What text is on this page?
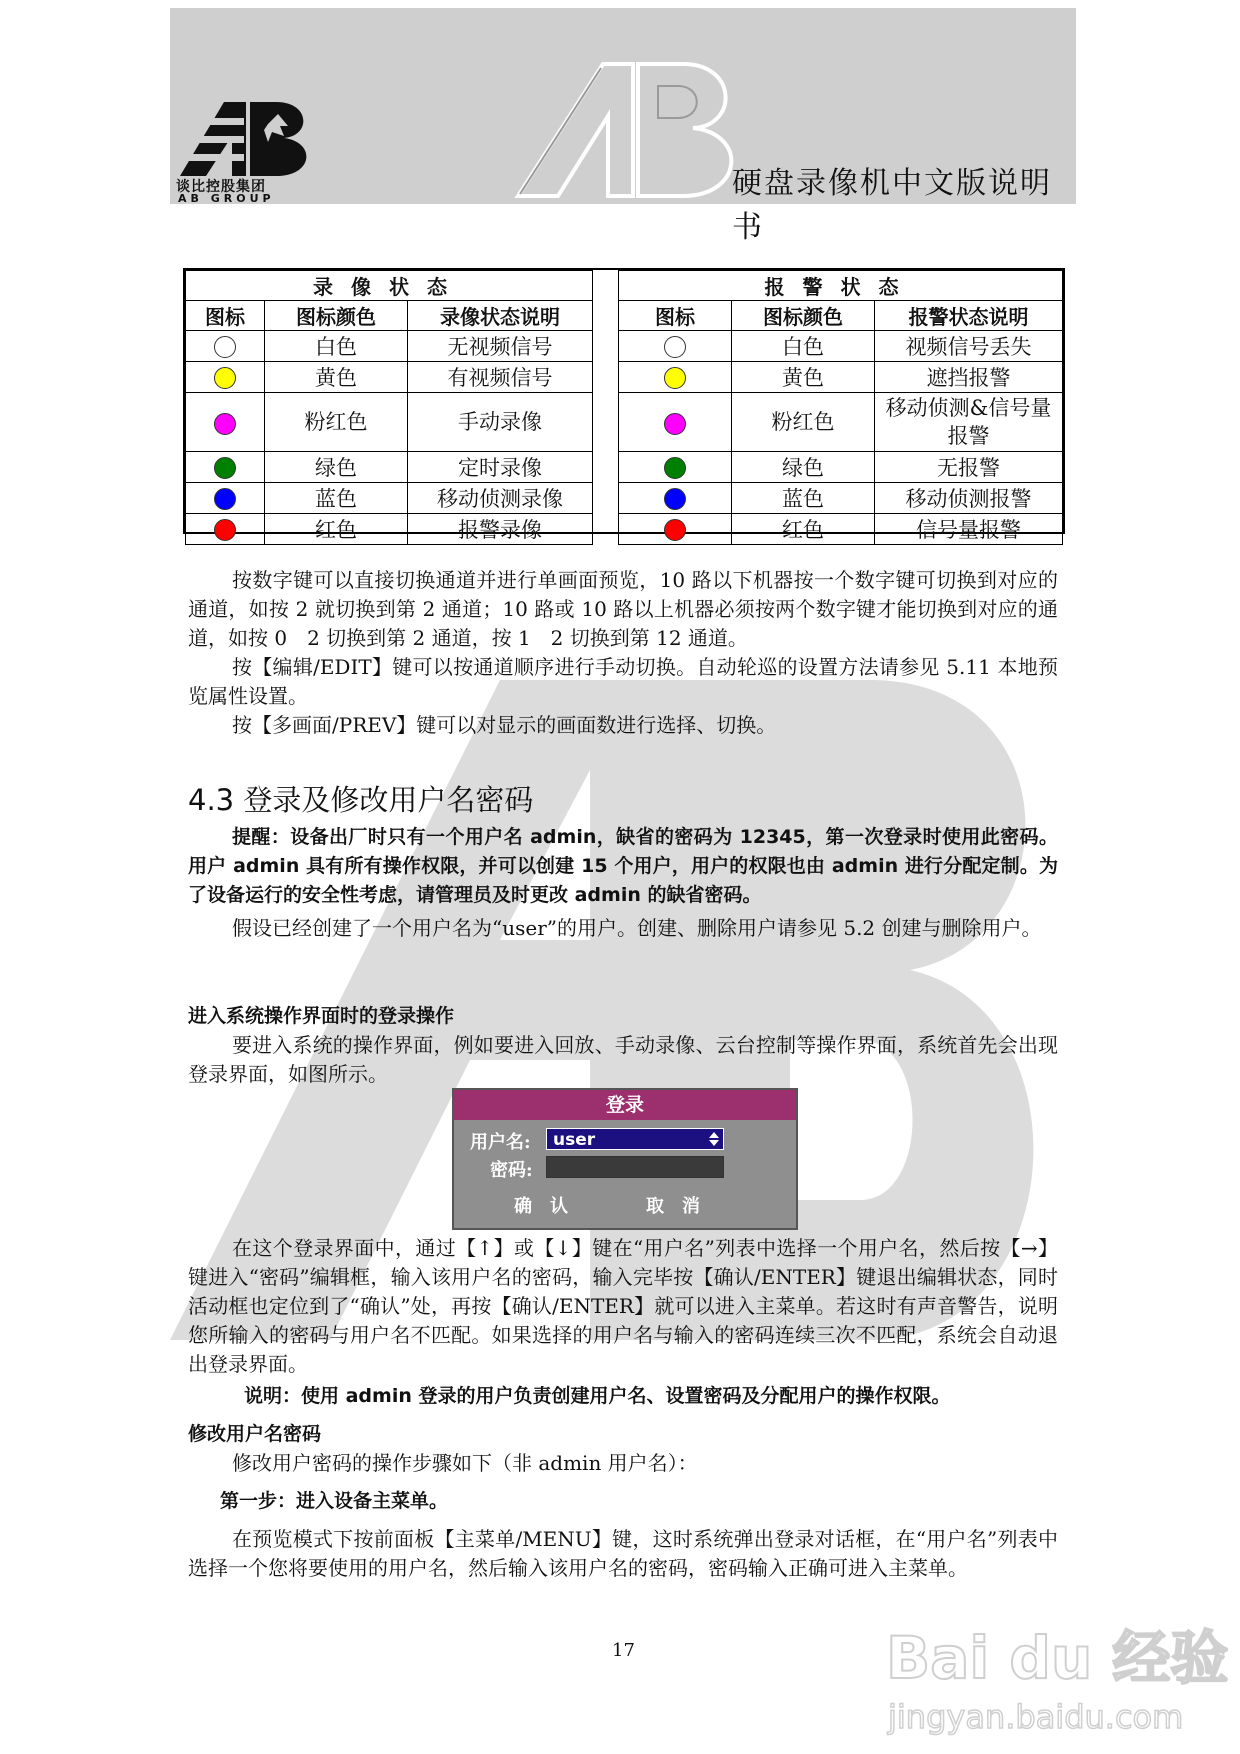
谈比控股集团
AB GROUP	硬盘录像机中文版说明书
录像状态		
图标	图标颜色	录像状态说明
	白色	无视频信号
	黄色	有视频信号
	粉红色	手动录像
	绿色	定时录像
	蓝色	移动侦测录像
	红色	报警录像
报警状态		
图标	图标颜色	报警状态说明
	白色	视频信号丢失
	黄色	遮挡报警
	粉红色	移动侦测&信号量报警
	绿色	无报警
	蓝色	移动侦测报警
	红色	信号量报警
按数字键可以直接切换通道并进行单画面预览，10 路以下机器按一个数字键可切换到对应的通道，如按 2 就切换到第 2 通道；10 路或 10 路以上机器必须按两个数字键才能切换到对应的通道，如按 0　2 切换到第 2 通道，按 1　2 切换到第 12 通道。
按【编辑/EDIT】键可以按通道顺序进行手动切换。自动轮巡的设置方法请参见 5.11 本地预览属性设置。
按【多画面/PREV】键可以对显示的画面数进行选择、切换。
4.3 登录及修改用户名密码
提醒：设备出厂时只有一个用户名 admin，缺省的密码为 12345，第一次登录时使用此密码。用户 admin 具有所有操作权限，并可以创建 15 个用户，用户的权限也由 admin 进行分配定制。为了设备运行的安全性考虑，请管理员及时更改 admin 的缺省密码。
假设已经创建了一个用户名为“user”的用户。创建、删除用户请参见 5.2 创建与删除用户。
进入系统操作界面时的登录操作
要进入系统的操作界面，例如要进入回放、手动录像、云台控制等操作界面，系统首先会出现登录界面，如图所示。
登录
用户名:	user
密码:
确认	取消
在这个登录界面中，通过【↑】或【↓】键在“用户名”列表中选择一个用户名，然后按【→】键进入“密码”编辑框，输入该用户名的密码，输入完毕按【确认/ENTER】键退出编辑状态，同时活动框也定位到了“确认”处，再按【确认/ENTER】就可以进入主菜单。若这时有声音警告，说明您所输入的密码与用户名不匹配。如果选择的用户名与输入的密码连续三次不匹配，系统会自动退出登录界面。
说明：使用 admin 登录的用户负责创建用户名、设置密码及分配用户的操作权限。
修改用户名密码
修改用户密码的操作步骤如下（非 admin 用户名）：
第一步：进入设备主菜单。
在预览模式下按前面板【主菜单/MENU】键，这时系统弹出登录对话框，在“用户名”列表中选择一个您将要使用的用户名，然后输入该用户名的密码，密码输入正确可进入主菜单。
17	Bai du 经验
jingyan.baidu.com
